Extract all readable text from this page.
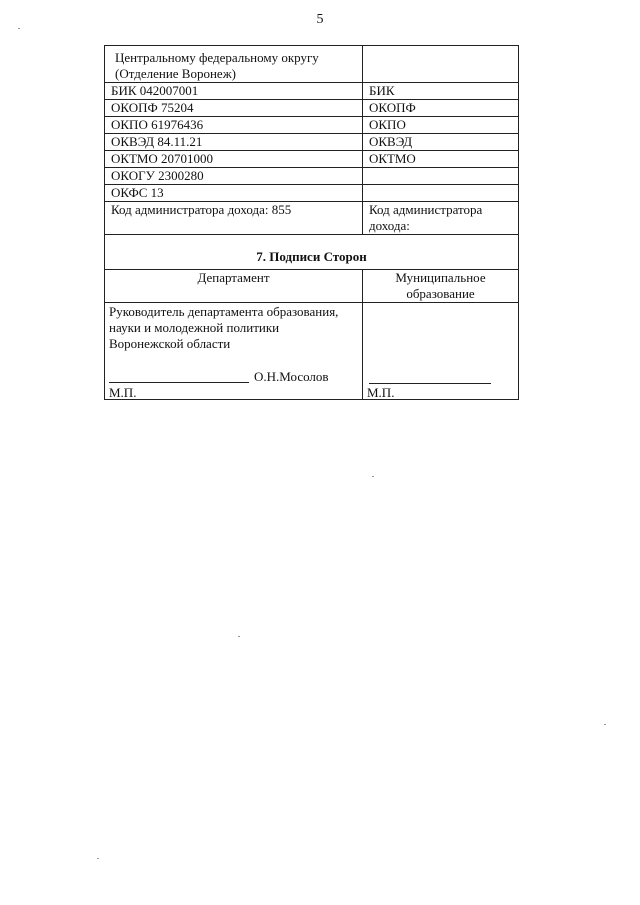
5
Центральному федеральному округу
(Отделение Воронеж)	

БИК 042007001	БИК
ОКОПФ 75204	ОКОПФ
ОКПО 61976436	ОКПО
ОКВЭД 84.11.21	ОКВЭД
ОКТМО 20701000	ОКТМО
ОКОГУ 2300280	
ОКФС 13	
Код администратора дохода: 855	Код администратора дохода:
7. Подписи Сторон	
Департамент	Муниципальное образование

Руководитель департамента образования,
науки и молодежной политики
Воронежской области
О.Н.Мосолов
М.П.	М.П.
